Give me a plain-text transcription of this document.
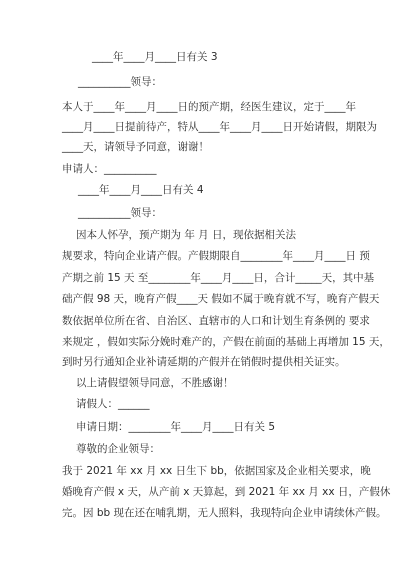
____年____月____日有关 3
__________领导：
本人于____年____月____日的预产期，经医生建议，定于____年
____月____日提前待产，特从____年____月____日开始请假，期限为
____天，请领导予同意，谢谢！
申请人：__________
____年____月____日有关 4
__________领导：
因本人怀孕，预产期为 年 月 日，现依据相关法
规要求，特向企业请产假。产假期限自________年____月____日 预
产期之前 15 天 至________年____月____日，合计_____天，其中基
础产假 98 天，晚育产假____天 假如不属于晚育就不写，晚育产假天
数依据单位所在省、自治区、直辖市的人口和计划生育条例的 要求
来规定 ，假如实际分娩时难产的，产假在前面的基础上再增加 15 天，
到时另行通知企业补请延期的产假并在销假时提供相关证实。
以上请假望领导同意，不胜感谢！
请假人：______
申请日期：________年____月____日有关 5
尊敬的企业领导：
我于 2021 年 xx 月 xx 日生下 bb，依据国家及企业相关要求，晚
婚晚育产假 x 天，从产前 x 天算起，到 2021 年 xx 月 xx 日，产假休
完。因 bb 现在还在哺乳期，无人照料，我现特向企业申请续休产假。
